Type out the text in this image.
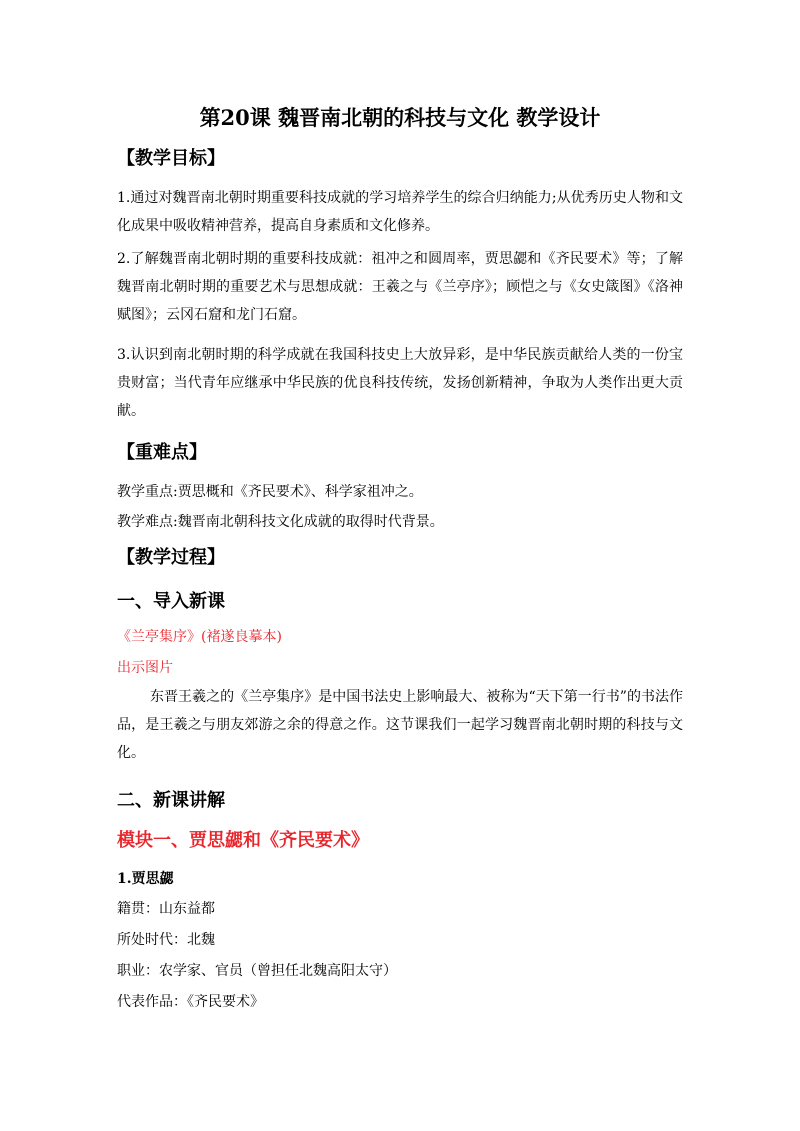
第20课 魏晋南北朝的科技与文化 教学设计
【教学目标】
1.通过对魏晋南北朝时期重要科技成就的学习培养学生的综合归纳能力;从优秀历史人物和文化成果中吸收精神营养，提高自身素质和文化修养。
2.了解魏晋南北朝时期的重要科技成就：祖冲之和圆周率，贾思勰和《齐民要术》等；了解魏晋南北朝时期的重要艺术与思想成就：王羲之与《兰亭序》；顾恺之与《女史箴图》《洛神赋图》；云冈石窟和龙门石窟。
3.认识到南北朝时期的科学成就在我国科技史上大放异彩，是中华民族贡献给人类的一份宝贵财富；当代青年应继承中华民族的优良科技传统，发扬创新精神，争取为人类作出更大贡献。
【重难点】
教学重点:贾思概和《齐民要术》、科学家祖冲之。
教学难点:魏晋南北朝科技文化成就的取得时代背景。
【教学过程】
一、导入新课
《兰亭集序》(褚遂良摹本)
出示图片
东晋王羲之的《兰亭集序》是中国书法史上影响最大、被称为“天下第一行书”的书法作品，是王羲之与朋友郊游之余的得意之作。这节课我们一起学习魏晋南北朝时期的科技与文化。
二、新课讲解
模块一、贾思勰和《齐民要术》
1.贾思勰
籍贯：山东益都
所处时代：北魏
职业：农学家、官员（曾担任北魏高阳太守）
代表作品：《齐民要术》
